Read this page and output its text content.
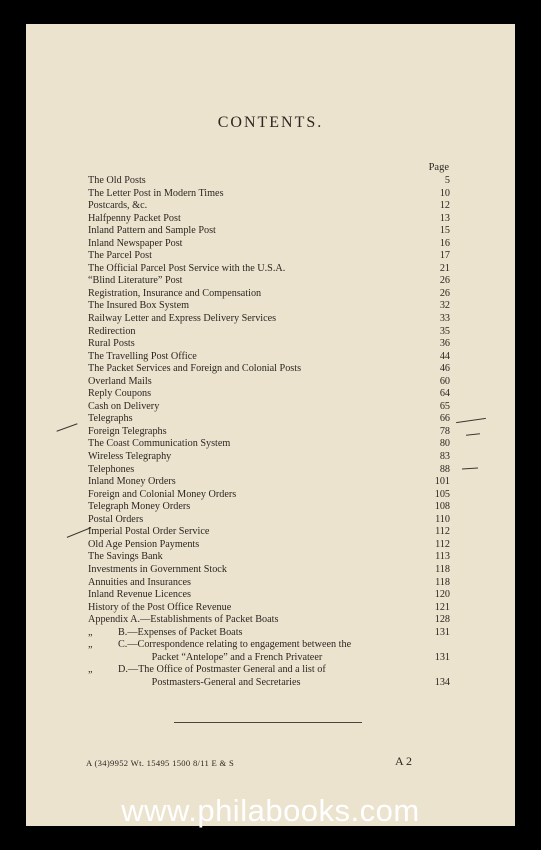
CONTENTS.
Page
The Old Posts	5
The Letter Post in Modern Times	10
Postcards, &c.	12
Halfpenny Packet Post	13
Inland Pattern and Sample Post	15
Inland Newspaper Post	16
The Parcel Post	17
The Official Parcel Post Service with the U.S.A.	21
“Blind Literature” Post	26
Registration, Insurance and Compensation	26
The Insured Box System	32
Railway Letter and Express Delivery Services	33
Redirection	35
Rural Posts	36
The Travelling Post Office	44
The Packet Services and Foreign and Colonial Posts	46
Overland Mails	60
Reply Coupons	64
Cash on Delivery	65
Telegraphs	66
Foreign Telegraphs	78
The Coast Communication System	80
Wireless Telegraphy	83
Telephones	88
Inland Money Orders	101
Foreign and Colonial Money Orders	105
Telegraph Money Orders	108
Postal Orders	110
Imperial Postal Order Service	112
Old Age Pension Payments	112
The Savings Bank	113
Investments in Government Stock	118
Annuities and Insurances	118
Inland Revenue Licences	120
History of the Post Office Revenue	121
Appendix A.—Establishments of Packet Boats	128
„          B.—Expenses of Packet Boats	131
„          C.—Correspondence relating to engagement between the
Packet “Antelope” and a French Privateer	131
„          D.—The Office of Postmaster General and a list of
Postmasters-General and Secretaries	134
A (34)9952 Wt. 15495 1500 8/11 E & S	A 2
www.philabooks.com
